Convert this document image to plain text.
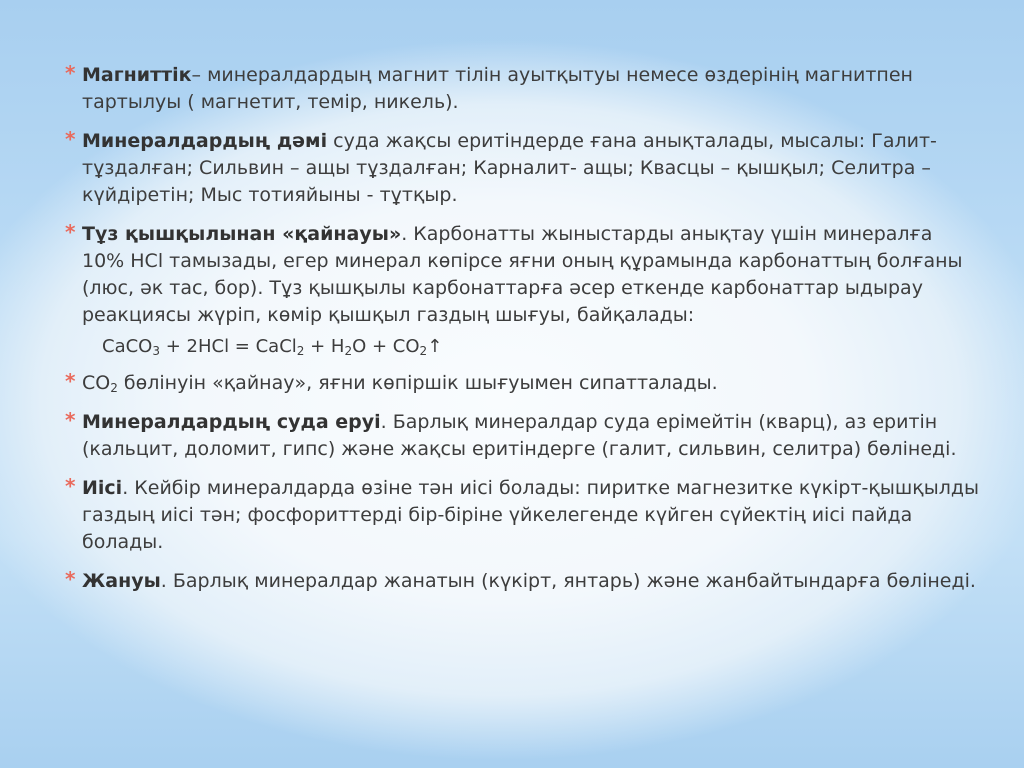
* Магниттік– минералдардың магнит тілін ауытқытуы немесе өздерінің магнитпен тартылуы ( магнетит, темір, никель).
* Минералдардың дәмі суда жақсы еритіндерде ғана анықталады, мысалы: Галит- тұздалған; Сильвин – ащы тұздалған; Карналит- ащы; Квасцы – қышқыл; Селитра – күйдіретін; Мыс тотияйыны - тұтқыр.
* Тұз қышқылынан «қайнауы». Карбонатты жыныстарды анықтау үшін минералға 10% HCl тамызады, егер минерал көпірсе яғни оның құрамында карбонаттың болғаны (люс, әк тас, бор). Тұз қышқылы карбонаттарға әсер еткенде карбонаттар ыдырау реакциясы жүріп, көмір қышқыл газдың шығуы, байқалады:
CaCO$_3$ + 2HCl = CaCl$_2$ + $H_2O$ + $CO_2↑$
* $CO_2$ бөлінуін «қайнау», яғни көпіршік шығуымен сипатталады.
* Минералдардың суда еруі. Барлық минералдар суда ерімейтін (кварц), аз еритін (кальцит, доломит, гипс) және жақсы еритіндерге (галит, сильвин, селитра) бөлінеді.
* Иісі. Кейбір минералдарда өзіне тән иісі болады: пиритке магнезитке күкірт-қышқылды газдың иісі тән; фосфориттерді бір-біріне үйкелегенде күйген сүйектің иісі пайда болады.
* Жануы. Барлық минералдар жанатын (күкірт, янтарь) және жанбайтындарға бөлінеді.
